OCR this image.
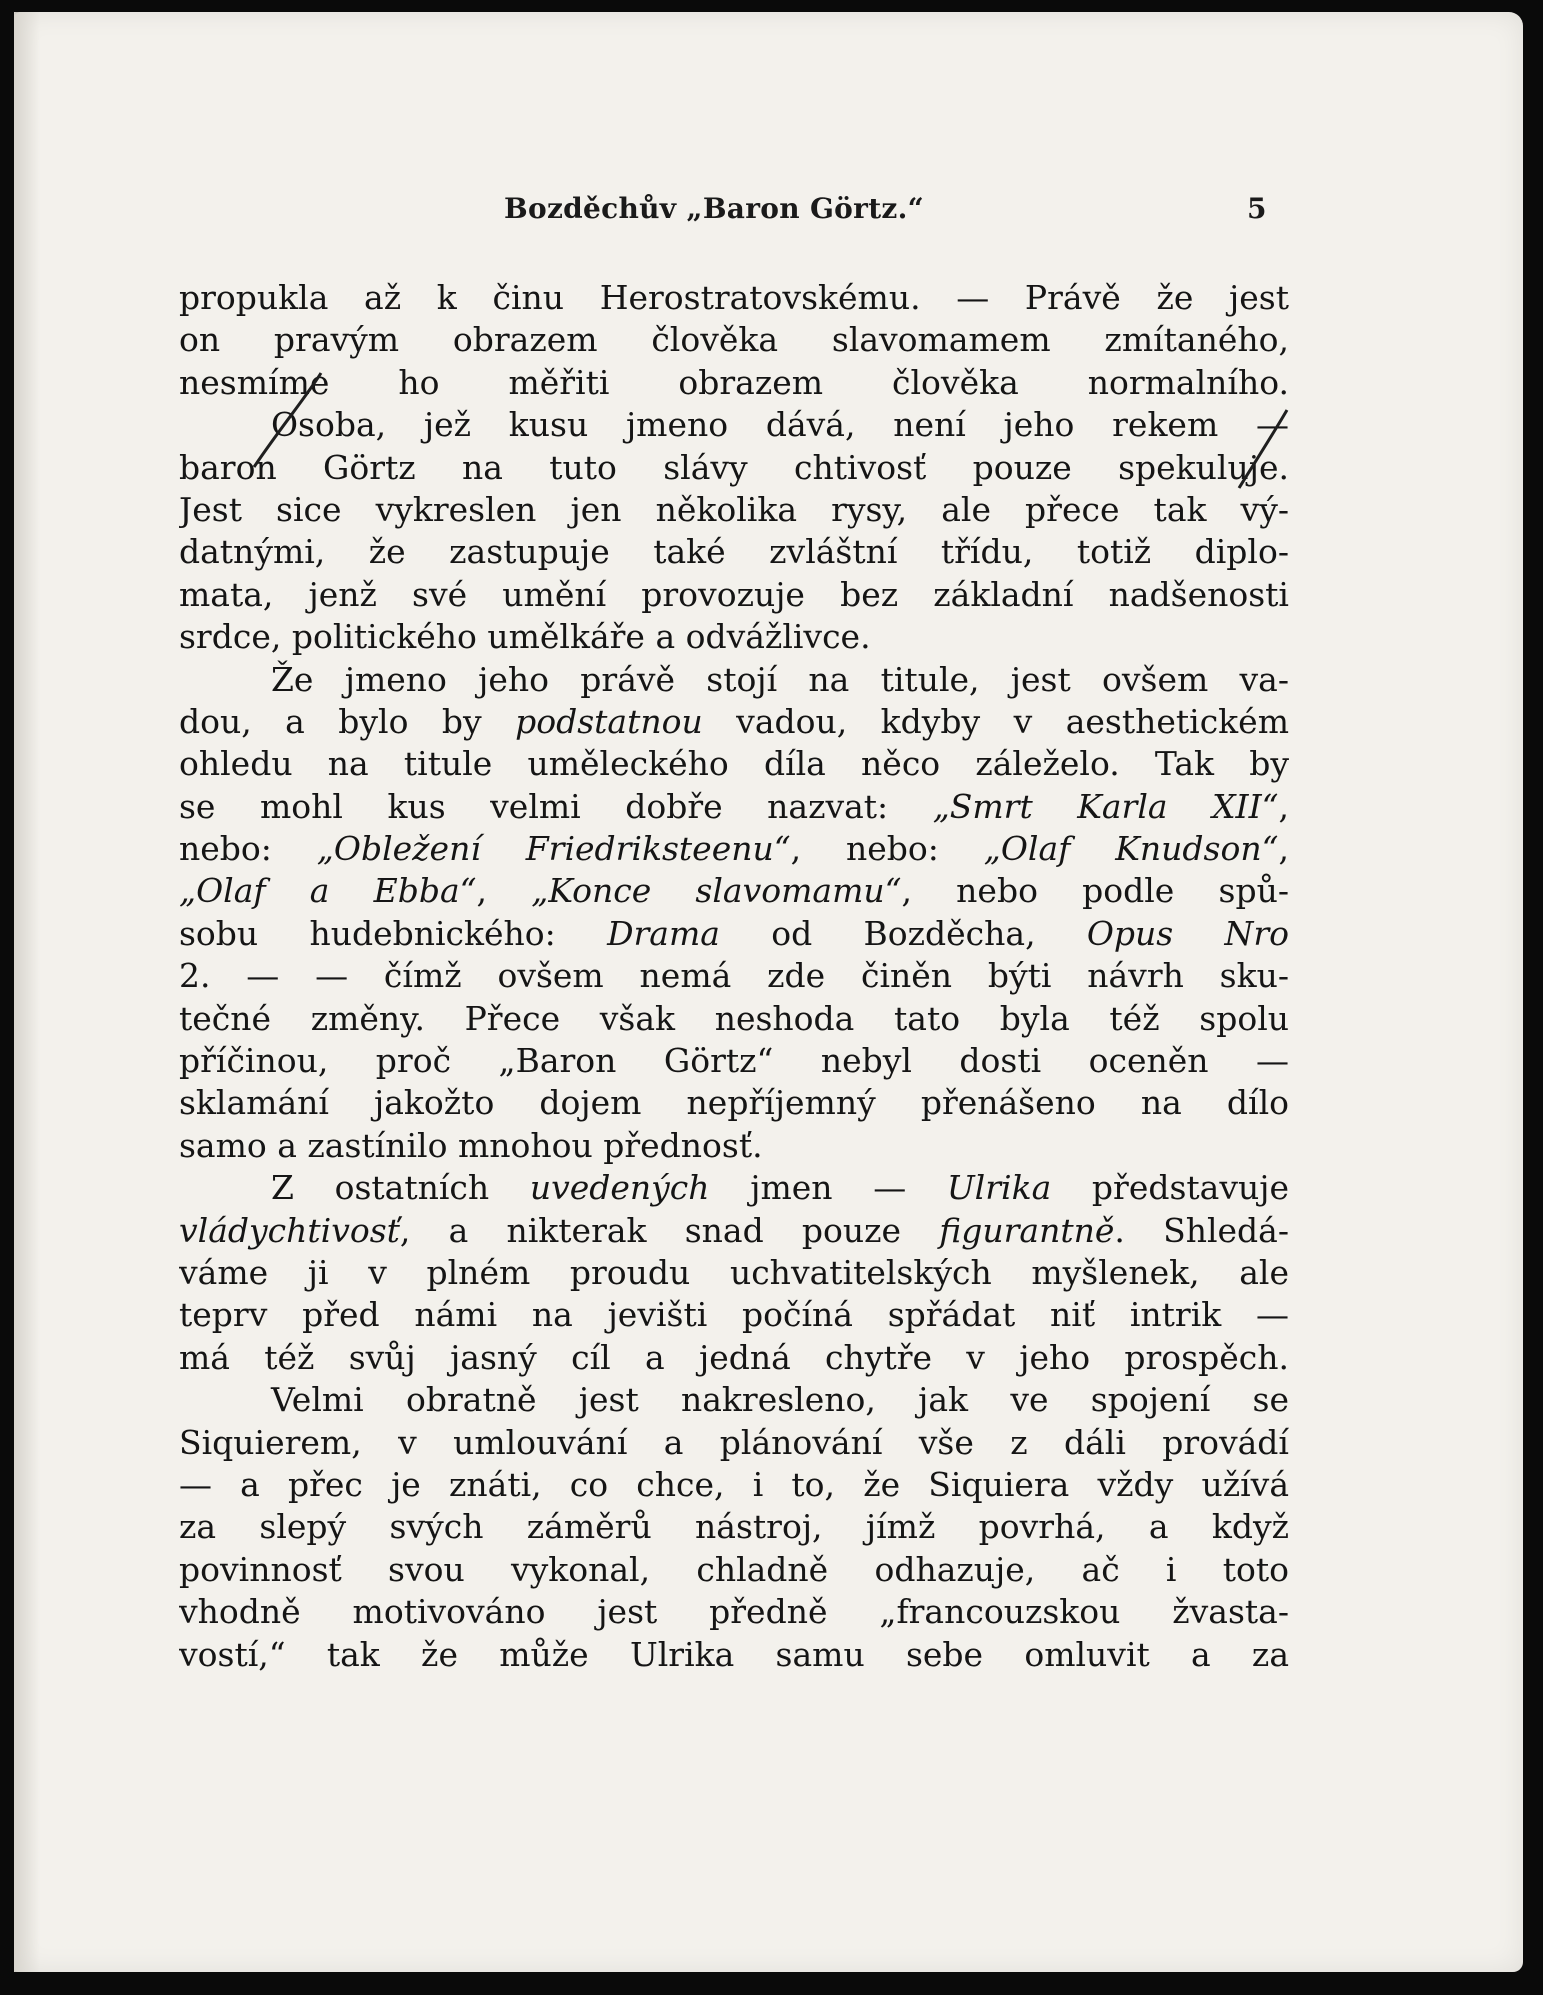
Bozděchův „Baron Görtz.“	5
propukla až k činu Herostratovskému. — Právě že jest
on pravým obrazem člověka slavomamem zmítaného,
nesmíme ho měřiti obrazem člověka normalního.
Osoba, jež kusu jmeno dává, není jeho rekem —
baron Görtz na tuto slávy chtivosť pouze spekuluje.
Jest sice vykreslen jen několika rysy, ale přece tak vý-
datnými, že zastupuje také zvláštní třídu, totiž diplo-
mata, jenž své umění provozuje bez základní nadšenosti
srdce, politického umělkáře a odvážlivce.
Že jmeno jeho právě stojí na titule, jest ovšem va-
dou, a bylo by podstatnou vadou, kdyby v aesthetickém
ohledu na titule uměleckého díla něco záleželo. Tak by
se mohl kus velmi dobře nazvat: „Smrt Karla XII“,
nebo: „Obležení Friedriksteenu“, nebo: „Olaf Knudson“,
„Olaf a Ebba“, „Konce slavomamu“, nebo podle spů-
sobu hudebnického: Drama od Bozděcha, Opus Nro
2. — — čímž ovšem nemá zde činěn býti návrh sku-
tečné změny. Přece však neshoda tato byla též spolu
příčinou, proč „Baron Görtz“ nebyl dosti oceněn —
sklamání jakožto dojem nepříjemný přenášeno na dílo
samo a zastínilo mnohou přednosť.
Z ostatních uvedených jmen — Ulrika představuje
vládychtivosť, a nikterak snad pouze figurantně. Shledá-
váme ji v plném proudu uchvatitelských myšlenek, ale
teprv před námi na jevišti počíná spřádat niť intrik —
má též svůj jasný cíl a jedná chytře v jeho prospěch.
Velmi obratně jest nakresleno, jak ve spojení se
Siquierem, v umlouvání a plánování vše z dáli provádí
— a přec je znáti, co chce, i to, že Siquiera vždy užívá
za slepý svých záměrů nástroj, jímž povrhá, a když
povinnosť svou vykonal, chladně odhazuje, ač i toto
vhodně motivováno jest předně „francouzskou žvasta-
vostí,“ tak že může Ulrika samu sebe omluvit a za
